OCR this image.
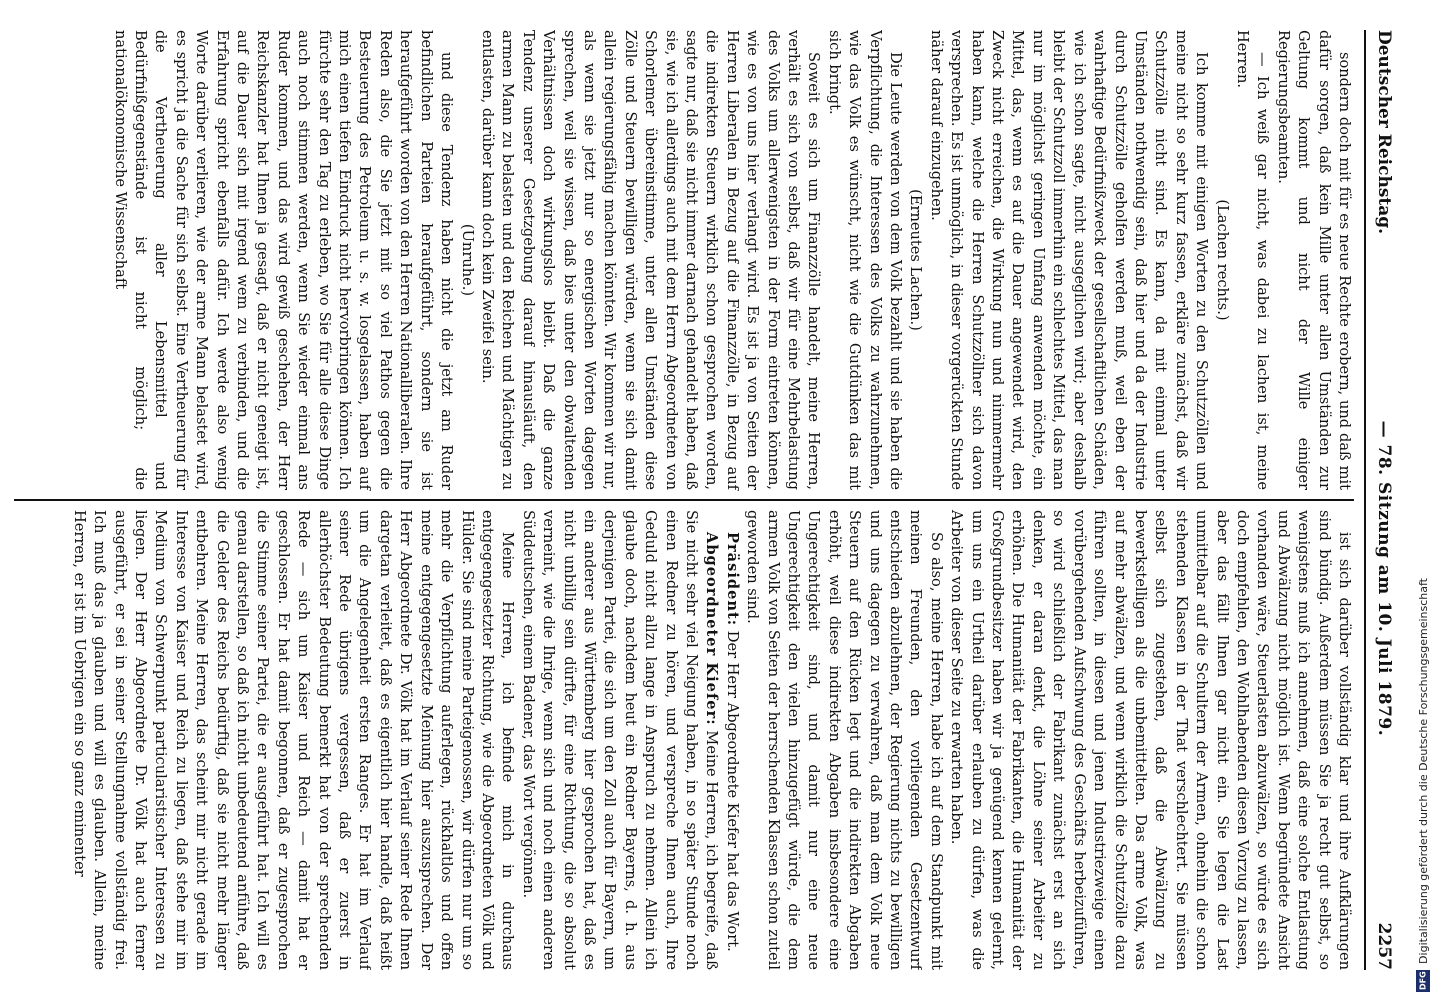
Deutscher Reichstag.
— 78. Sitzung am 10. Juli 1879.
2257

sondern doch mit für es neue Rechte erobern, und daß mit dafür sorgen, daß kein Mille unter allen Umständen zur Geltung kommt und nicht der Wille einiger Regierungsbeamten.

— Ich weiß gar nicht, was dabei zu lachen ist, meine Herren.

(Lachen rechts.)

Ich komme mit einigen Worten zu den Schutzzöllen und meine nicht so sehr kurz fassen, erkläre zunächst, daß wir Schutzzölle nicht sind. Es kann, da mit einmal unter Umständen nothwendig sein, daß hier und da der Industrie durch Schutzzölle geholfen werden muß, weil eben der wahrhaftige Bedürfnißzweck der gesellschaftlichen Schäden, wie ich schon sagte, nicht ausgeglichen wird; aber deshalb bleibt der Schutzzoll immerhin ein schlechtes Mittel, das man nur im möglichst geringen Umfang anwenden möchte, ein Mittel, das, wenn es auf die Dauer angewendet wird, den Zweck nicht erreichen, die Wirkung nun und nimmermehr haben kann, welche die Herren Schutzzöllner sich davon versprechen. Es ist unmöglich, in dieser vorgerückten Stunde näher darauf einzugehen.

(Erneutes Lachen.)

Die Leute werden von dem Volk bezahlt und sie haben die Verpflichtung, die Interessen des Volks zu wahrzunehmen, wie das Volk es wünscht, nicht wie die Gutdünken das mit sich bringt.

Soweit es sich um Finanzzölle handelt, meine Herren, verhält es sich von selbst, daß wir für eine Mehrbelastung des Volks um allerwenigsten in der Form eintreten können, wie es von uns hier verlangt wird. Es ist ja von Seiten der Herren Liberalen in Bezug auf die Finanzzölle, in Bezug auf die indirekten Steuern wirklich schon gesprochen worden, sagte nur, daß sie nicht immer darnach gehandelt haben, daß sie, wie ich allerdings auch mit dem Herrn Abgeordneten von Schorlemer übereinstimme, unter allen Umständen diese Zölle und Steuern bewilligen würden, wenn sie sich damit allein regierungsfähig machen könnten. Wir kommen wir nur, als wenn sie jetzt nur so energischen Worten dagegen sprechen, weil sie wissen, daß bies unter den obwaltenden Verhältnissen doch wirkungslos bleibt. Daß die ganze Tendenz unserer Gesetzgebung darauf hinausläuft, den armen Mann zu belasten und den Reichen und Mächtigen zu entlasten, darüber kann doch kein Zweifel sein.

(Unruhe.)

und diese Tendenz haben nicht die jetzt am Ruder befindlichen Parteien heraufgeführt, sondern sie ist heraufgeführt worden von den Herren Nationalliberalen. Ihre Reden also, die Sie jetzt mit so viel Pathos gegen die Besteuerung des Petroleum u. s. w. losgelassen, haben auf mich einen tiefen Eindruck nicht hervorbringen können. Ich fürchte sehr den Tag zu erleben, wo Sie für alle diese Dinge auch noch stimmen werden, wenn Sie wieder einmal ans Ruder kommen, und das wird gewiß geschehen, der Herr Reichskanzler hat Ihnen ja gesagt, daß er nicht geneigt ist, auf die Dauer sich mit irgend wem zu verbinden, und die Erfahrung spricht ebenfalls dafür. Ich werde also wenig Worte darüber verlieren, wie der arme Mann belastet wird, es spricht ja die Sache für sich selbst. Eine Vertheuerung für die Vertheuerung aller Lebensmittel und Bedürfnißgegenstände ist nicht möglich; die nationalökonomische Wissenschaft

ist sich darüber vollständig klar und ihre Aufklärungen sind bündig. Außerdem müssen Sie ja recht gut selbst, so wenigstens muß ich annehmen, daß eine solche Entlastung und Abwälzung nicht möglich ist. Wenn begründete Ansicht vorhanden wäre, Steuerlasten abzuwälzen, so würde es sich doch empfehlen, den Wohlhabenden diesen Vorzug zu lassen, aber das fällt Ihnen gar nicht ein. Sie legen die Last unmittelbar auf die Schultern der Armen, ohnehin die schon stehenden Klassen in der That verschlechtert. Sie müssen selbst sich zugestehen, daß die Abwälzung zu bewerkstelligen als die unbemittelten. Das arme Volk, was auf mehr abwälzen, und wenn wirklich die Schutzzölle dazu führen sollten, in diesen und jenen Industriezweige einen vorübergehenden Aufschwung des Geschäfts herbeizuführen, so wird schließlich der Fabrikant zunächst erst an sich denken, er daran denkt, die Löhne seiner Arbeiter zu erhöhen. Die Humanität der Fabrikanten, die Humanität der Großgrundbesitzer haben wir ja genügend kennen gelernt, um uns ein Urtheil darüber erlauben zu dürfen, was die Arbeiter von dieser Seite zu erwarten haben.

So also, meine Herren, habe ich auf dem Standpunkt mit meinen Freunden, den vorliegenden Gesetzentwurf entschieden abzulehnen, der Regierung nichts zu bewilligen und uns dagegen zu verwahren, daß man dem Volk neue Steuern auf den Rücken legt und die indirekten Abgaben erhöht, weil diese indirekten Abgaben insbesondere eine Ungerechtigkeit sind, und damit nur eine neue Ungerechtigkeit den vielen hinzugefügt würde, die dem armen Volk von Seiten der herrschenden Klassen schon zuteil geworden sind.

Präsident: Der Herr Abgeordnete Kiefer hat das Wort.

Abgeordneter Kiefer: Meine Herren, ich begreife, daß Sie nicht sehr viel Neigung haben, in so später Stunde noch einen Redner zu hören, und verspreche Ihnen auch, Ihre Geduld nicht allzu lange in Anspruch zu nehmen. Allein ich glaube doch, nachdem heut ein Redner Bayerns, d. h. aus derjenigen Partei, die sich um den Zoll auch für Bayern, um ein anderer aus Württemberg hier gesprochen hat, daß es nicht unbillig sein dürfte, für eine Richtung, die so absolut verneint, wie die Ihrige, wenn sich und noch einen anderen Süddeutschen, einem Badener, das Wort vergönnen.

Meine Herren, ich befinde mich in durchaus entgegengesetzter Richtung, wie die Abgeordneten Völk und Hülder. Sie sind meine Parteigenossen, wir dürfen nur um so mehr die Verpflichtung auferlegen, rückhaltlos und offen meine entgegengesetzte Meinung hier auszusprechen. Der Herr Abgeordnete Dr. Völk hat im Verlauf seiner Rede Ihnen dargetan verleitet, daß es eigentlich hier handle, daß heißt um die Angelegenheit ersten Ranges. Er hat im Verlauf seiner Rede übrigens vergessen, daß er zuerst in allerhöchster Bedeutung bemerkt hat von der sprechenden Rede — sich um Kaiser und Reich — damit hat er geschlossen. Er hat damit begonnen, daß er zugesprochen die Stimme seiner Partei, die er ausgeführt hat. Ich will es genau darstellen, so daß ich nicht unbedeutend anführe, daß die Gelder des Reichs bedürftig, daß sie nicht mehr länger entbehren. Meine Herren, das scheint mir nicht gerade im Interesse von Kaiser und Reich zu liegen, daß stehe mir im Medium von Schwerpunkt particularistischer Interessen zu liegen. Der Herr Abgeordnete Dr. Völk hat auch ferner ausgeführt, er sei in seiner Stellungnahme vollständig frei. Ich muß das ja glauben und will es glauben. Allein, meine Herren, er ist im Uebrigen ein so ganz eminenter	Digitalisierung gefördert durch die Deutsche Forschungsgemeinschaft
DFG
